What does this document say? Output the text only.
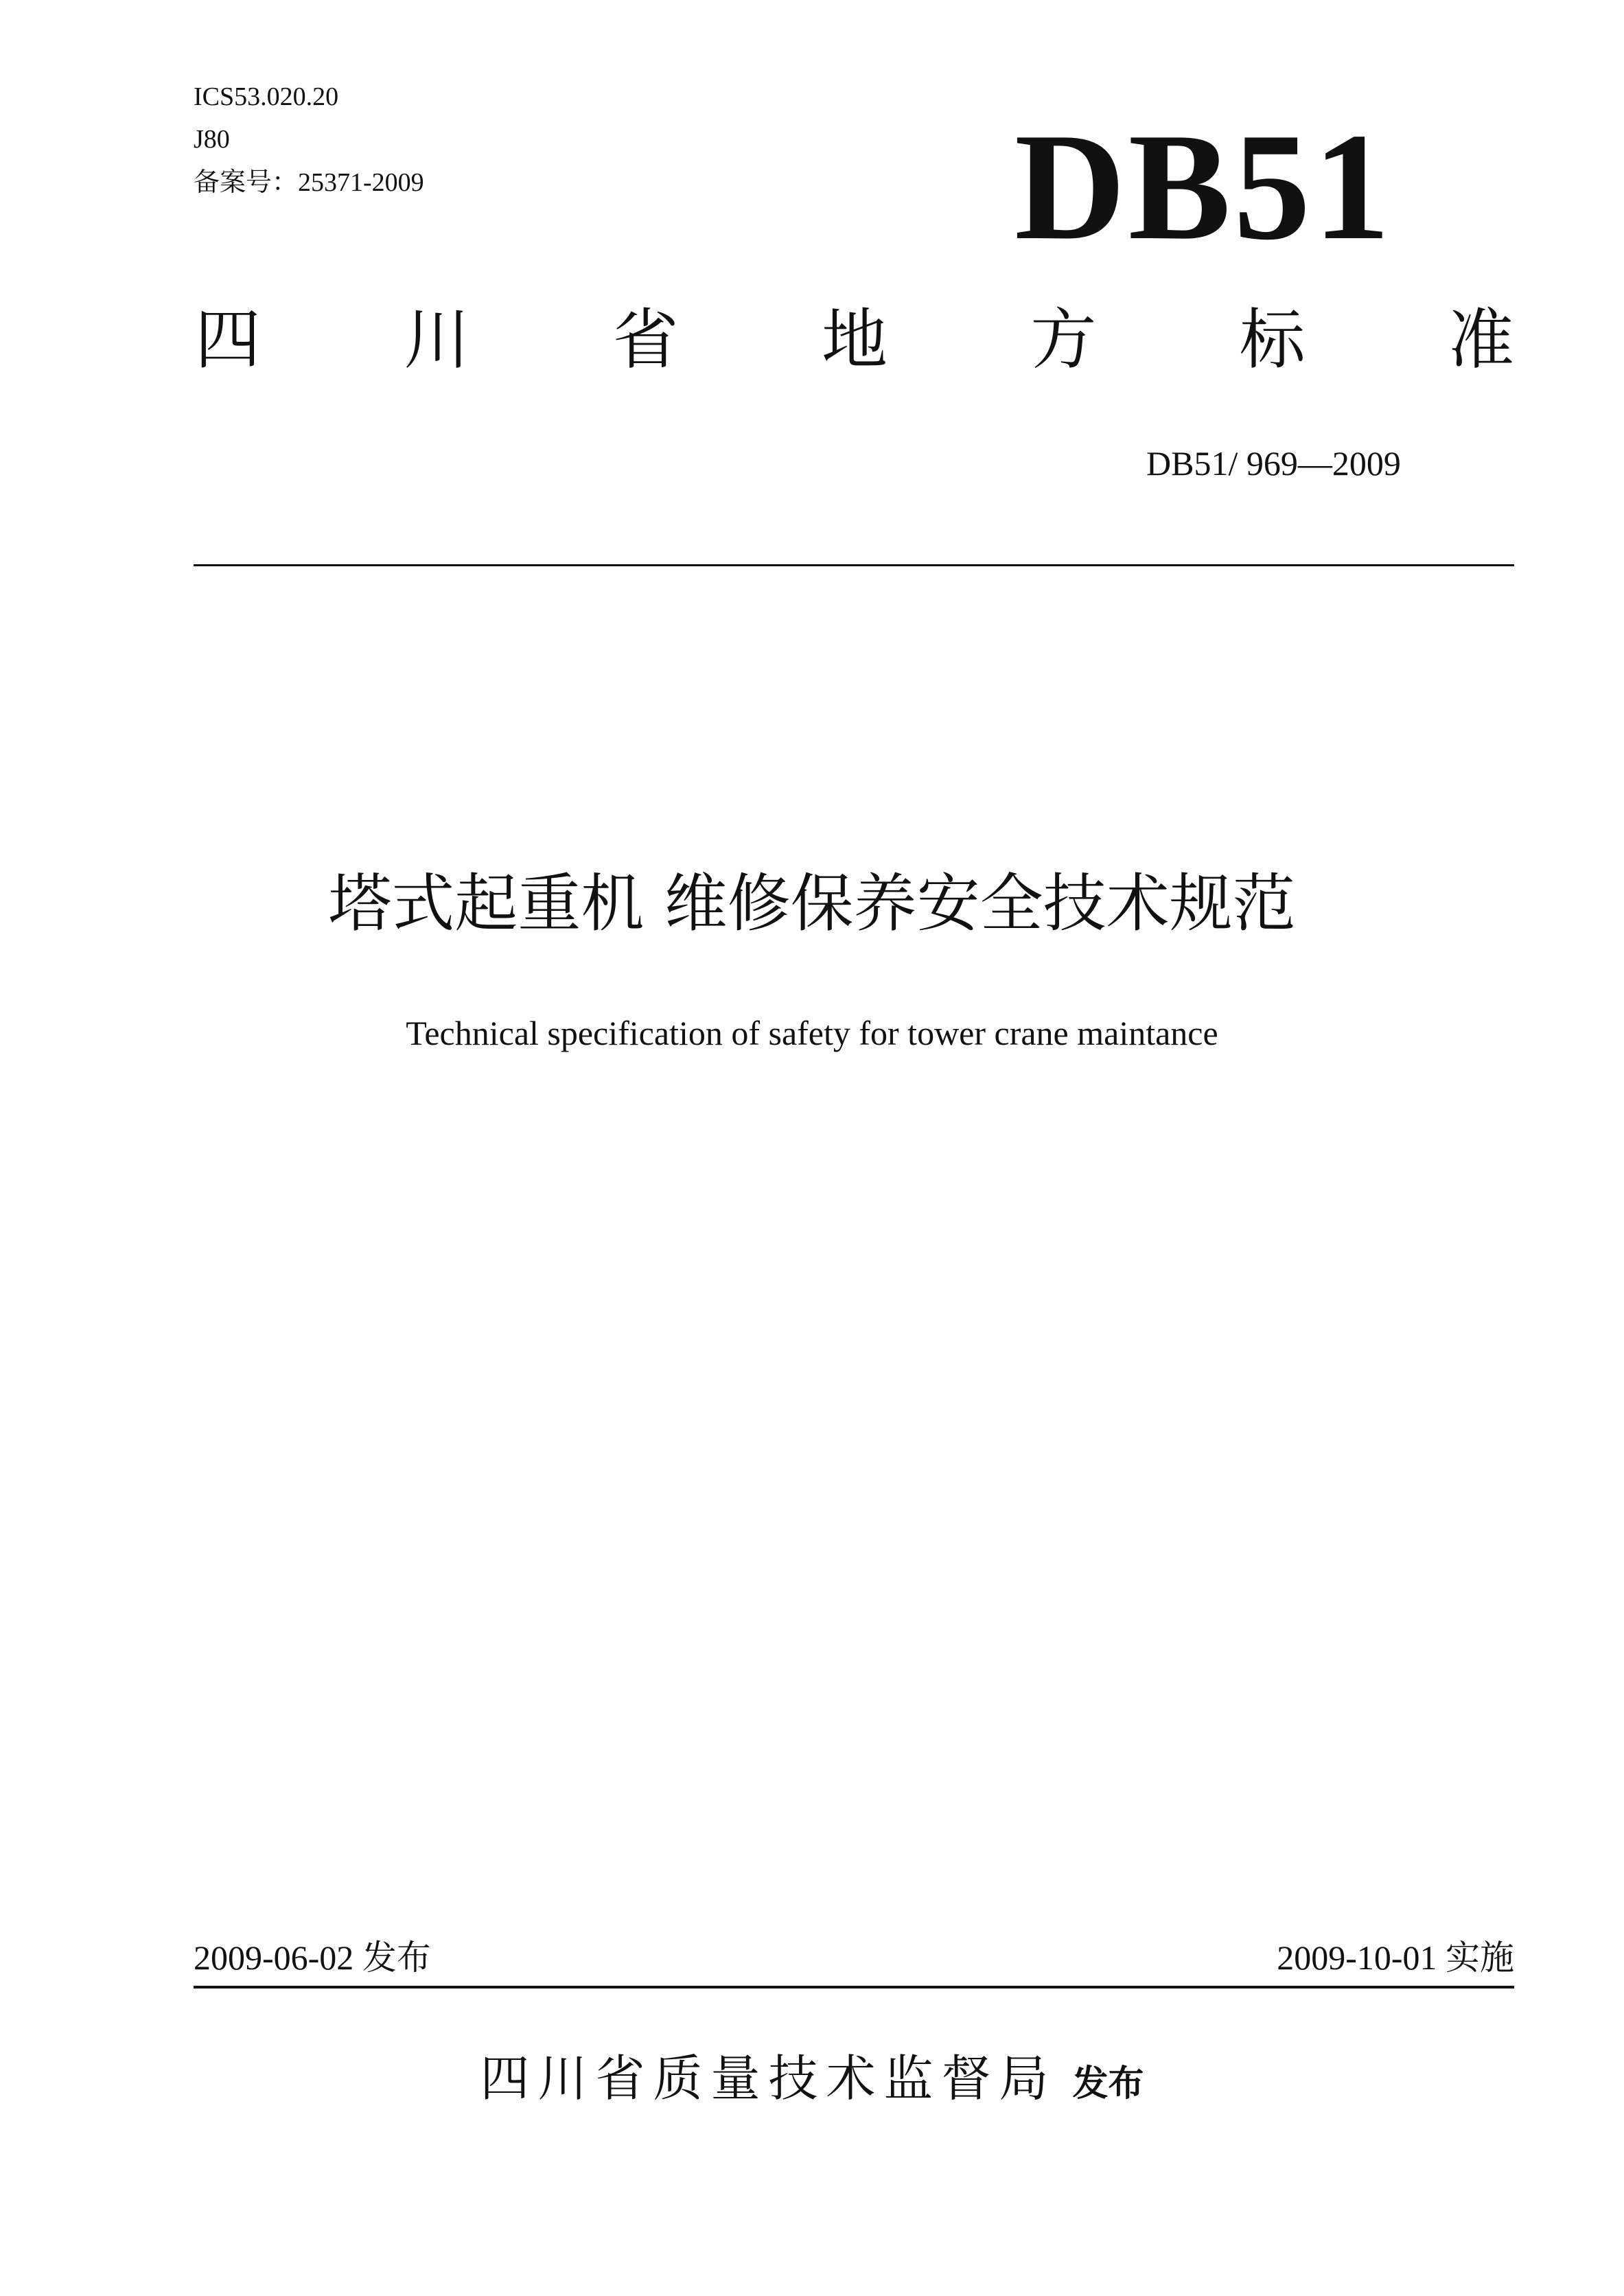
ICS53.020.20
J80
备案号：25371-2009	DB51
四 川 省 地 方 标 准
DB51/ 969—2009
塔式起重机 维修保养安全技术规范
Technical specification of safety for tower crane maintance
2009-06-02 发布	2009-10-01 实施
四川省质量技术监督局 发布
